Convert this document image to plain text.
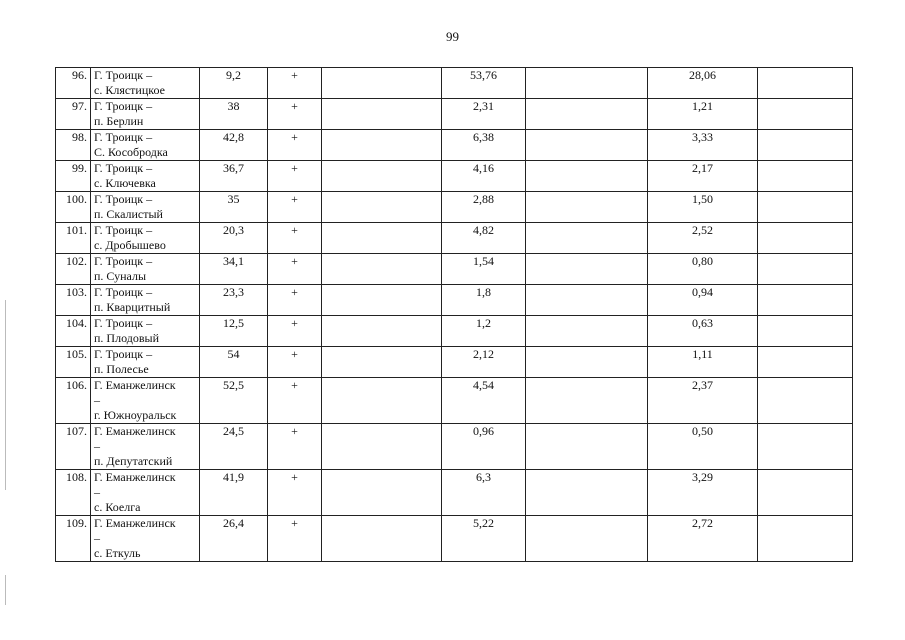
99
96.	Г. Троицк –
с. Клястицкое	9,2	+		53,76		28,06	
97.	Г. Троицк –
п. Берлин	38	+		2,31		1,21	
98.	Г. Троицк –
С. Кособродка	42,8	+		6,38		3,33	
99.	Г. Троицк –
с. Ключевка	36,7	+		4,16		2,17	
100.	Г. Троицк –
п. Скалистый	35	+		2,88		1,50	
101.	Г. Троицк –
с. Дробышево	20,3	+		4,82		2,52	
102.	Г. Троицк –
п. Суналы	34,1	+		1,54		0,80	
103.	Г. Троицк –
п. Кварцитный	23,3	+		1,8		0,94	
104.	Г. Троицк –
п. Плодовый	12,5	+		1,2		0,63	
105.	Г. Троицк –
п. Полесье	54	+		2,12		1,11	
106.	Г. Еманжелинск
–
г. Южноуральск	52,5	+		4,54		2,37	
107.	Г. Еманжелинск
–
п. Депутатский	24,5	+		0,96		0,50	
108.	Г. Еманжелинск
–
с. Коелга	41,9	+		6,3		3,29	
109.	Г. Еманжелинск
–
с. Еткуль	26,4	+		5,22		2,72	
